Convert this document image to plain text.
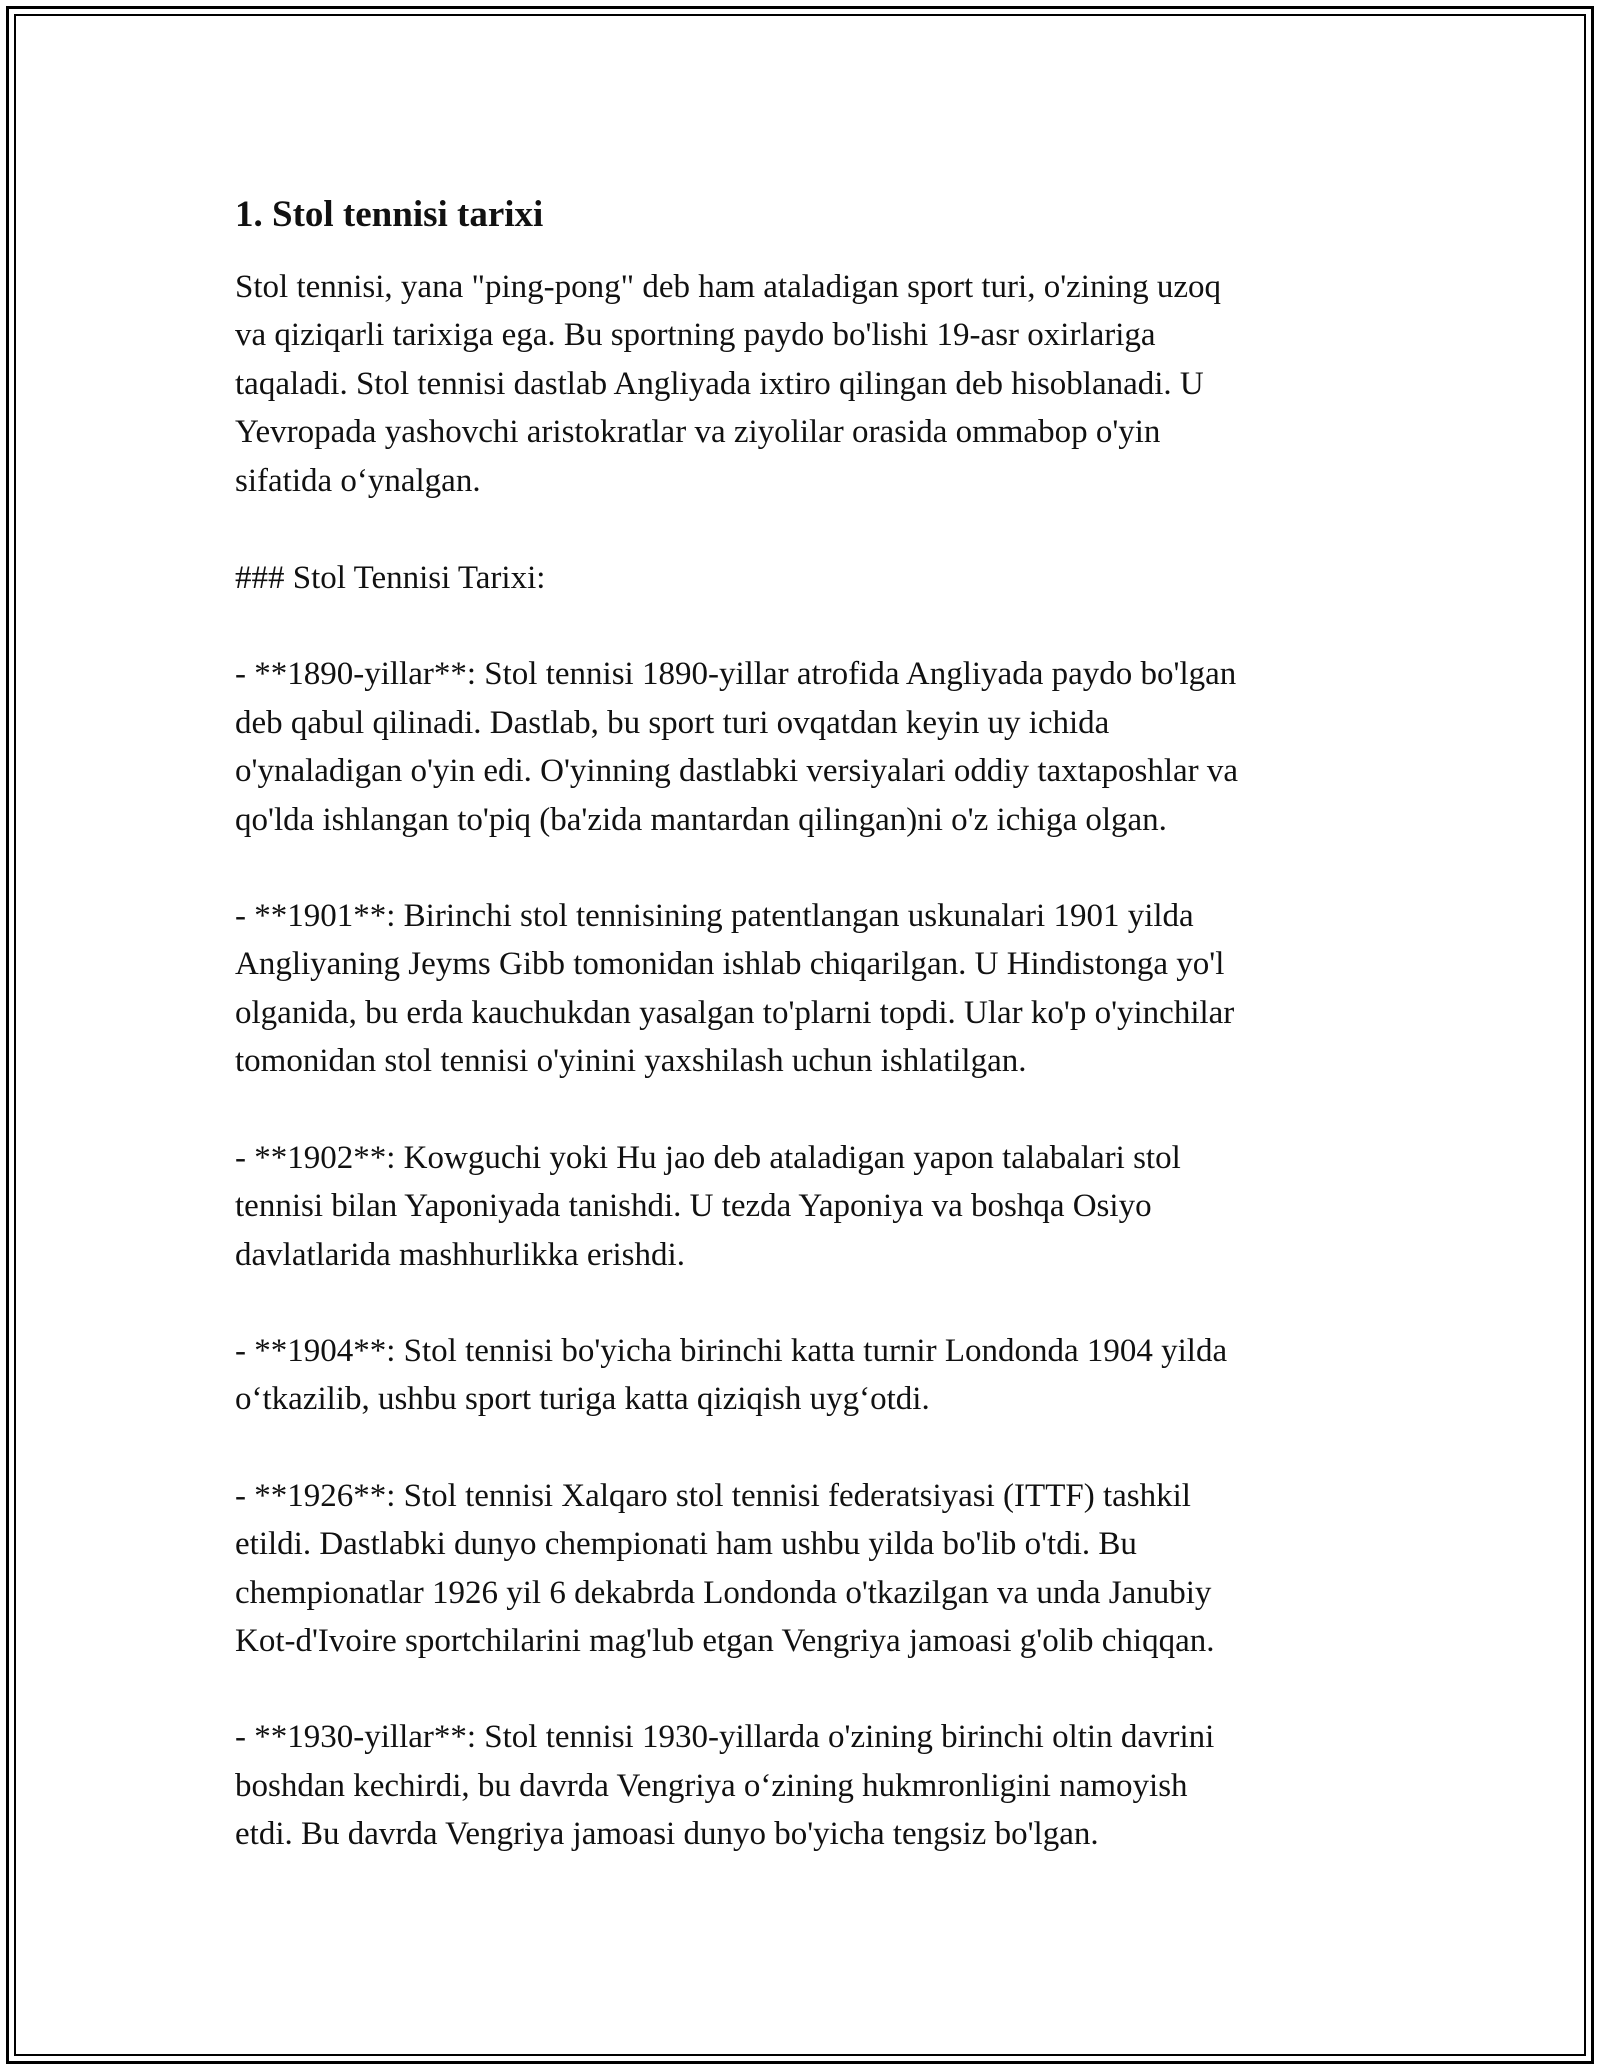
1. Stol tennisi tarixi

Stol tennisi, yana "ping-pong" deb ham ataladigan sport turi, o'zining uzoq
va qiziqarli tarixiga ega. Bu sportning paydo bo'lishi 19-asr oxirlariga
taqaladi. Stol tennisi dastlab Angliyada ixtiro qilingan deb hisoblanadi. U
Yevropada yashovchi aristokratlar va ziyolilar orasida ommabop o'yin
sifatida o‘ynalgan.

### Stol Tennisi Tarixi:

- **1890-yillar**: Stol tennisi 1890-yillar atrofida Angliyada paydo bo'lgan
deb qabul qilinadi. Dastlab, bu sport turi ovqatdan keyin uy ichida
o'ynaladigan o'yin edi. O'yinning dastlabki versiyalari oddiy taxtaposhlar va
qo'lda ishlangan to'piq (ba'zida mantardan qilingan)ni o'z ichiga olgan.

- **1901**: Birinchi stol tennisining patentlangan uskunalari 1901 yilda
Angliyaning Jeyms Gibb tomonidan ishlab chiqarilgan. U Hindistonga yo'l
olganida, bu erda kauchukdan yasalgan to'plarni topdi. Ular ko'p o'yinchilar
tomonidan stol tennisi o'yinini yaxshilash uchun ishlatilgan.

- **1902**: Kowguchi yoki Hu jao deb ataladigan yapon talabalari stol
tennisi bilan Yaponiyada tanishdi. U tezda Yaponiya va boshqa Osiyo
davlatlarida mashhurlikka erishdi.

- **1904**: Stol tennisi bo'yicha birinchi katta turnir Londonda 1904 yilda
o‘tkazilib, ushbu sport turiga katta qiziqish uyg‘otdi.

- **1926**: Stol tennisi Xalqaro stol tennisi federatsiyasi (ITTF) tashkil
etildi. Dastlabki dunyo chempionati ham ushbu yilda bo'lib o'tdi. Bu
chempionatlar 1926 yil 6 dekabrda Londonda o'tkazilgan va unda Janubiy
Kot-d'Ivoire sportchilarini mag'lub etgan Vengriya jamoasi g'olib chiqqan.

- **1930-yillar**: Stol tennisi 1930-yillarda o'zining birinchi oltin davrini
boshdan kechirdi, bu davrda Vengriya o‘zining hukmronligini namoyish
etdi. Bu davrda Vengriya jamoasi dunyo bo'yicha tengsiz bo'lgan.
